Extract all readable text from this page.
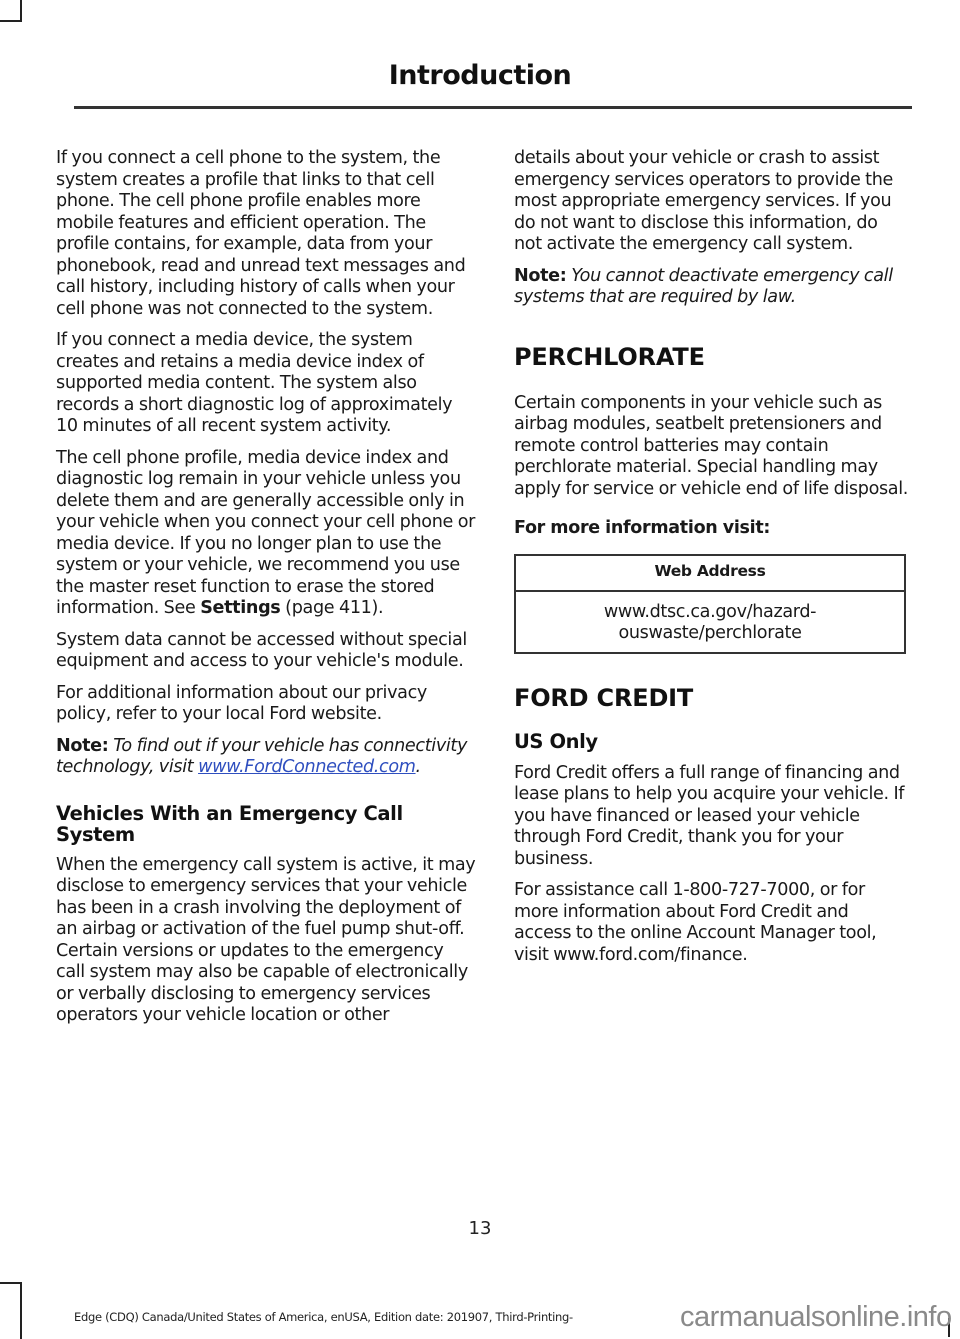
Introduction

If you connect a cell phone to the system, the system creates a profile that links to that cell phone. The cell phone profile enables more mobile features and efficient operation. The profile contains, for example, data from your phonebook, read and unread text messages and call history, including history of calls when your cell phone was not connected to the system.

If you connect a media device, the system creates and retains a media device index of supported media content. The system also records a short diagnostic log of approximately 10 minutes of all recent system activity.

The cell phone profile, media device index and diagnostic log remain in your vehicle unless you delete them and are generally accessible only in your vehicle when you connect your cell phone or media device. If you no longer plan to use the system or your vehicle, we recommend you use the master reset function to erase the stored information. See Settings (page 411).

System data cannot be accessed without special equipment and access to your vehicle's module.

For additional information about our privacy policy, refer to your local Ford website.

Note: To find out if your vehicle has connectivity technology, visit www.FordConnected.com.

Vehicles With an Emergency Call System

When the emergency call system is active, it may disclose to emergency services that your vehicle has been in a crash involving the deployment of an airbag or activation of the fuel pump shut-off. Certain versions or updates to the emergency call system may also be capable of electronically or verbally disclosing to emergency services operators your vehicle location or other

details about your vehicle or crash to assist emergency services operators to provide the most appropriate emergency services. If you do not want to disclose this information, do not activate the emergency call system.

Note: You cannot deactivate emergency call systems that are required by law.

PERCHLORATE

Certain components in your vehicle such as airbag modules, seatbelt pretensioners and remote control batteries may contain perchlorate material. Special handling may apply for service or vehicle end of life disposal.

For more information visit:

Web Address
www.dtsc.ca.gov/hazard-
ouswaste/perchlorate
FORD CREDIT
US Only

Ford Credit offers a full range of financing and lease plans to help you acquire your vehicle. If you have financed or leased your vehicle through Ford Credit, thank you for your business.

For assistance call 1-800-727-7000, or for more information about Ford Credit and access to the online Account Manager tool, visit www.ford.com/finance.

13
Edge (CDQ) Canada/United States of America, enUSA, Edition date: 201907, Third-Printing-	carmanualsonline.info
